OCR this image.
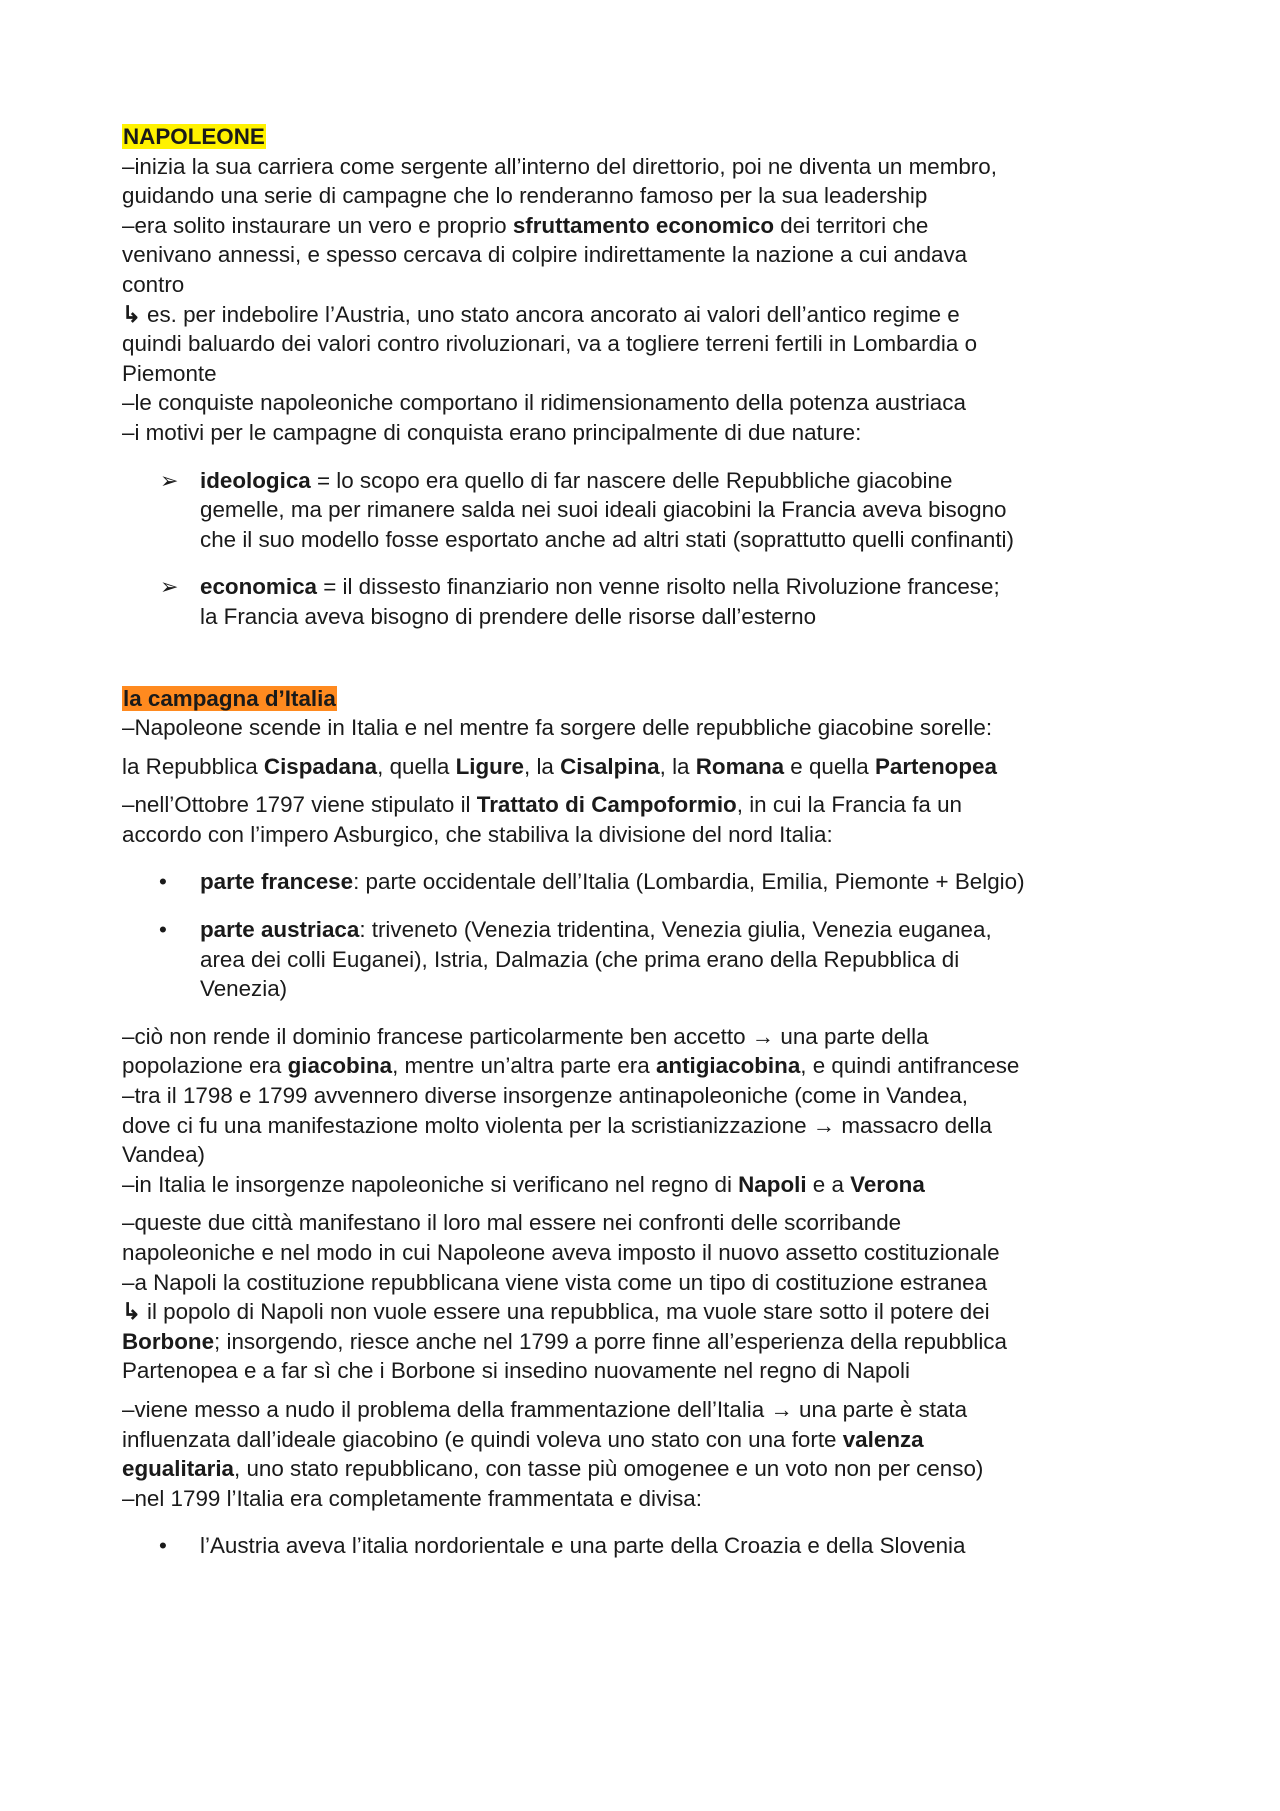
NAPOLEONE
–inizia la sua carriera come sergente all’interno del direttorio, poi ne diventa un membro,
guidando una serie di campagne che lo renderanno famoso per la sua leadership
–era solito instaurare un vero e proprio sfruttamento economico dei territori che
venivano annessi, e spesso cercava di colpire indirettamente la nazione a cui andava
contro
↳ es. per indebolire l’Austria, uno stato ancora ancorato ai valori dell’antico regime e
quindi baluardo dei valori contro rivoluzionari, va a togliere terreni fertili in Lombardia o
Piemonte
–le conquiste napoleoniche comportano il ridimensionamento della potenza austriaca
–i motivi per le campagne di conquista erano principalmente di due nature:
➢ ideologica = lo scopo era quello di far nascere delle Repubbliche giacobine
gemelle, ma per rimanere salda nei suoi ideali giacobini la Francia aveva bisogno
che il suo modello fosse esportato anche ad altri stati (soprattutto quelli confinanti)
➢ economica = il dissesto finanziario non venne risolto nella Rivoluzione francese;
la Francia aveva bisogno di prendere delle risorse dall’esterno
la campagna d’Italia
–Napoleone scende in Italia e nel mentre fa sorgere delle repubbliche giacobine sorelle:
la Repubblica Cispadana, quella Ligure, la Cisalpina, la Romana e quella Partenopea
–nell’Ottobre 1797 viene stipulato il Trattato di Campoformio, in cui la Francia fa un
accordo con l’impero Asburgico, che stabiliva la divisione del nord Italia:
•	parte francese: parte occidentale dell’Italia (Lombardia, Emilia, Piemonte + Belgio)
•	parte austriaca: triveneto (Venezia tridentina, Venezia giulia, Venezia euganea,
area dei colli Euganei), Istria, Dalmazia (che prima erano della Repubblica di
Venezia)
–ciò non rende il dominio francese particolarmente ben accetto → una parte della
popolazione era giacobina, mentre un’altra parte era antigiacobina, e quindi antifrancese
–tra il 1798 e 1799 avvennero diverse insorgenze antinapoleoniche (come in Vandea,
dove ci fu una manifestazione molto violenta per la scristianizzazione → massacro della
Vandea)
–in Italia le insorgenze napoleoniche si verificano nel regno di Napoli e a Verona
–queste due città manifestano il loro mal essere nei confronti delle scorribande
napoleoniche e nel modo in cui Napoleone aveva imposto il nuovo assetto costituzionale
–a Napoli la costituzione repubblicana viene vista come un tipo di costituzione estranea
↳ il popolo di Napoli non vuole essere una repubblica, ma vuole stare sotto il potere dei
Borbone; insorgendo, riesce anche nel 1799 a porre finne all’esperienza della repubblica
Partenopea e a far sì che i Borbone si insedino nuovamente nel regno di Napoli
–viene messo a nudo il problema della frammentazione dell’Italia → una parte è stata
influenzata dall’ideale giacobino (e quindi voleva uno stato con una forte valenza
egualitaria, uno stato repubblicano, con tasse più omogenee e un voto non per censo)
–nel 1799 l’Italia era completamente frammentata e divisa:
•	l’Austria aveva l’italia nordorientale e una parte della Croazia e della Slovenia
